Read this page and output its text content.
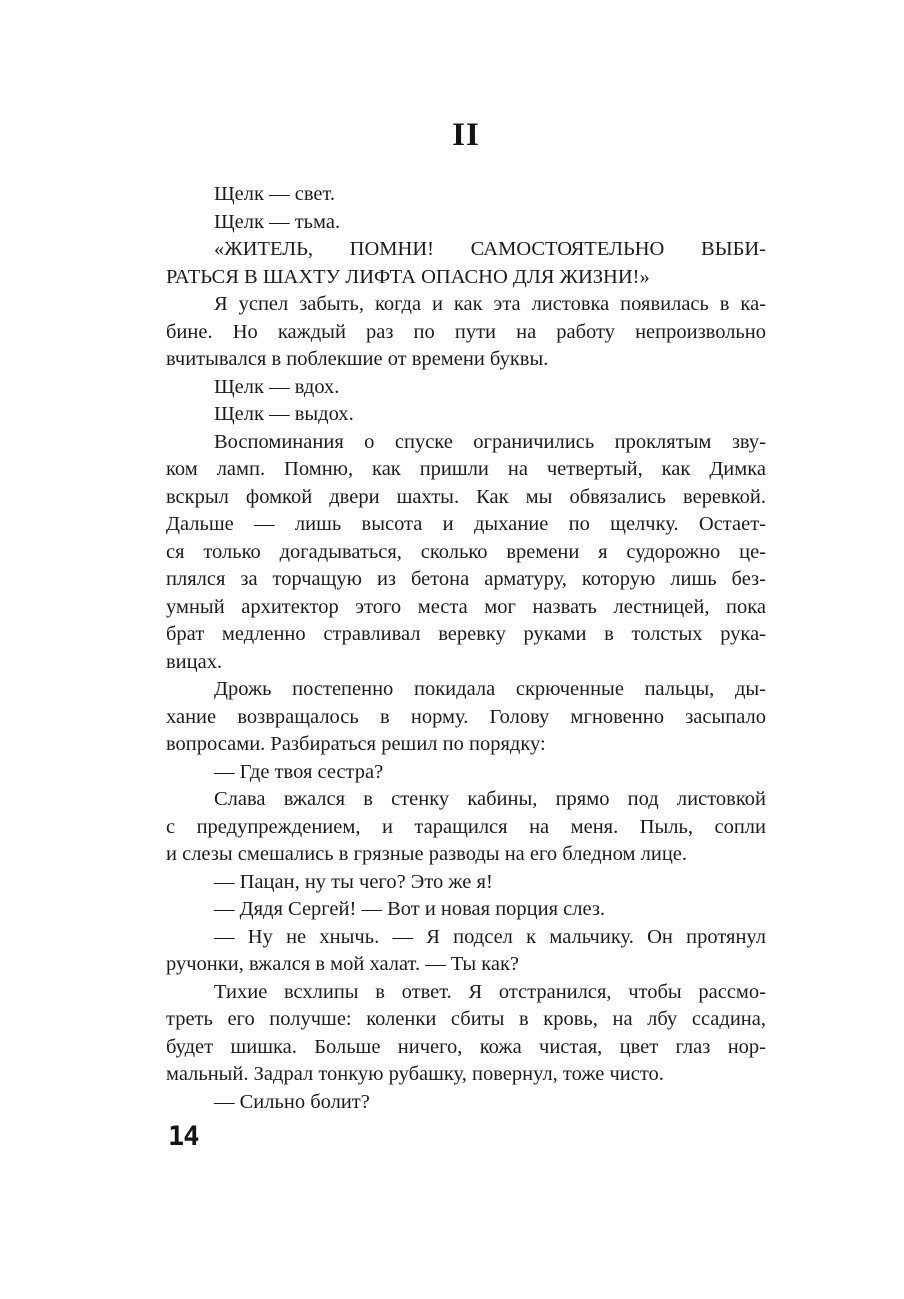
II

Щелк — свет.

Щелк — тьма.

«ЖИТЕЛЬ, ПОМНИ! САМОСТОЯТЕЛЬНО ВЫБИ-
РАТЬСЯ В ШАХТУ ЛИФТА ОПАСНО ДЛЯ ЖИЗНИ!»

Я успел забыть, когда и как эта листовка появилась в ка-
бине. Но каждый раз по пути на работу непроизвольно
вчитывался в поблекшие от времени буквы.

Щелк — вдох.

Щелк — выдох.

Воспоминания о спуске ограничились проклятым зву-
ком ламп. Помню, как пришли на четвертый, как Димка
вскрыл фомкой двери шахты. Как мы обвязались веревкой.
Дальше — лишь высота и дыхание по щелчку. Остает-
ся только догадываться, сколько времени я судорожно це-
плялся за торчащую из бетона арматуру, которую лишь без-
умный архитектор этого места мог назвать лестницей, пока
брат медленно стравливал веревку руками в толстых рука-
вицах.

Дрожь постепенно покидала скрюченные пальцы, ды-
хание возвращалось в норму. Голову мгновенно засыпало
вопросами. Разбираться решил по порядку:

— Где твоя сестра?

Слава вжался в стенку кабины, прямо под листовкой
с предупреждением, и таращился на меня. Пыль, сопли
и слезы смешались в грязные разводы на его бледном лице.

— Пацан, ну ты чего? Это же я!

— Дядя Сергей! — Вот и новая порция слез.

— Ну не хнычь. — Я подсел к мальчику. Он протянул
ручонки, вжался в мой халат. — Ты как?

Тихие всхлипы в ответ. Я отстранился, чтобы рассмо-
треть его получше: коленки сбиты в кровь, на лбу ссадина,
будет шишка. Больше ничего, кожа чистая, цвет глаз нор-
мальный. Задрал тонкую рубашку, повернул, тоже чисто.

— Сильно болит?

14
